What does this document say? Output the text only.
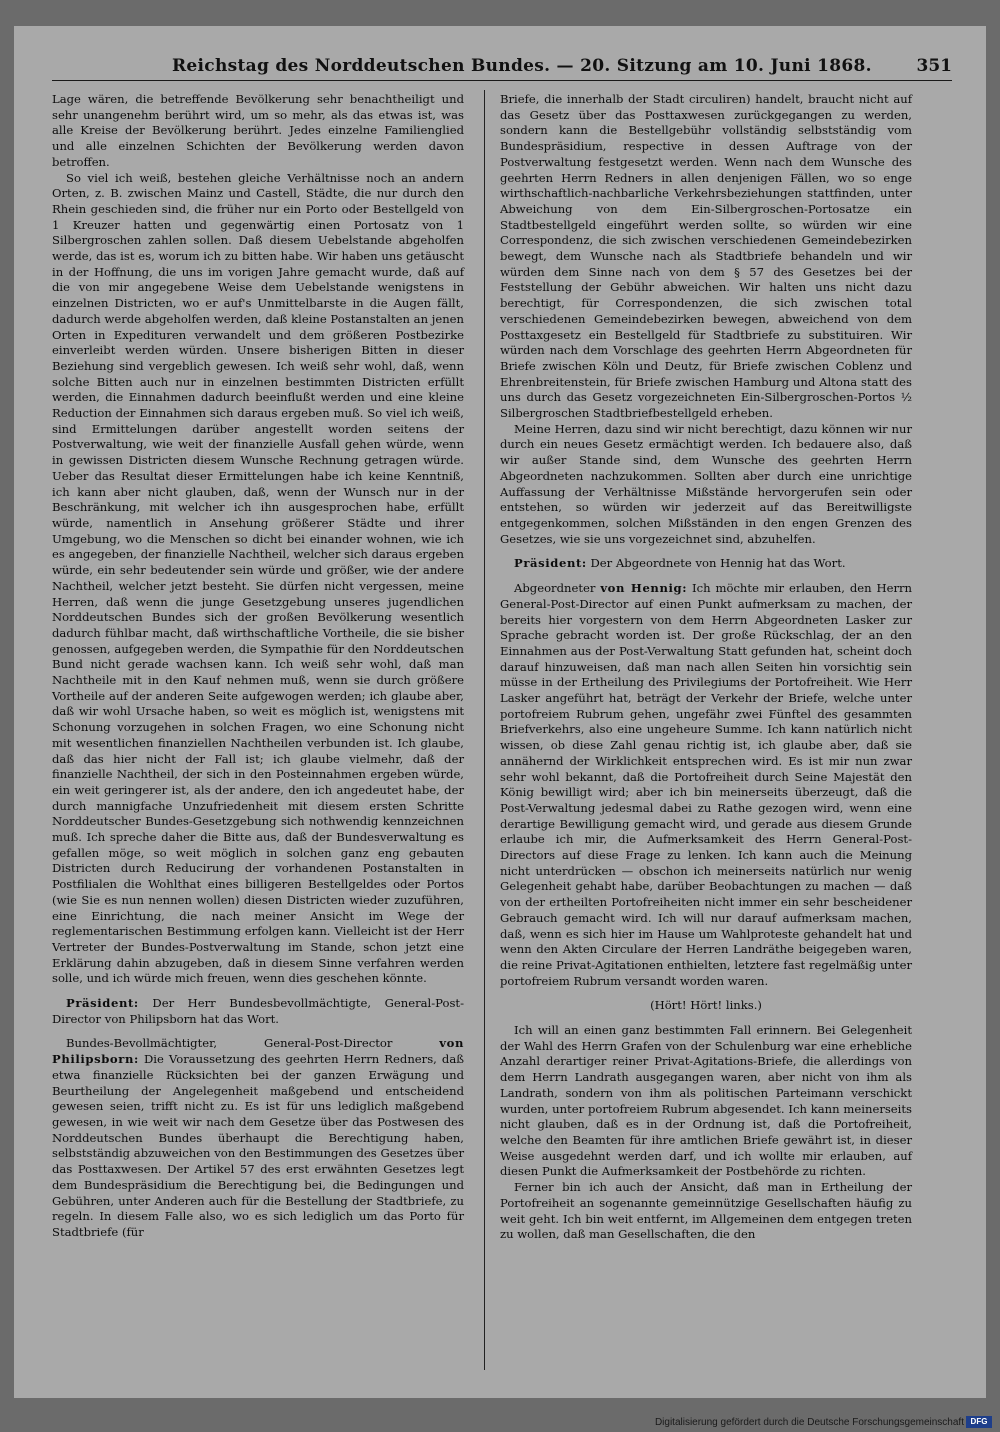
Reichstag des Norddeutschen Bundes. — 20. Sitzung am 10. Juni 1868.	351

Lage wären, die betreffende Bevölkerung sehr benachtheiligt und sehr unangenehm berührt wird, um so mehr, als das etwas ist, was alle Kreise der Bevölkerung berührt. Jedes einzelne Familienglied und alle einzelnen Schichten der Bevölkerung werden davon betroffen.

So viel ich weiß, bestehen gleiche Verhältnisse noch an andern Orten, z. B. zwischen Mainz und Castell, Städte, die nur durch den Rhein geschieden sind, die früher nur ein Porto oder Bestellgeld von 1 Kreuzer hatten und gegenwärtig einen Portosatz von 1 Silbergroschen zahlen sollen. Daß diesem Uebelstande abgeholfen werde, das ist es, worum ich zu bitten habe. Wir haben uns getäuscht in der Hoffnung, die uns im vorigen Jahre gemacht wurde, daß auf die von mir angegebene Weise dem Uebelstande wenigstens in einzelnen Districten, wo er auf's Unmittelbarste in die Augen fällt, dadurch werde abgeholfen werden, daß kleine Postanstalten an jenen Orten in Expedituren verwandelt und dem größeren Postbezirke einverleibt werden würden. Unsere bisherigen Bitten in dieser Beziehung sind vergeblich gewesen. Ich weiß sehr wohl, daß, wenn solche Bitten auch nur in einzelnen bestimmten Districten erfüllt werden, die Einnahmen dadurch beeinflußt werden und eine kleine Reduction der Einnahmen sich daraus ergeben muß. So viel ich weiß, sind Ermittelungen darüber angestellt worden seitens der Postverwaltung, wie weit der finanzielle Ausfall gehen würde, wenn in gewissen Districten diesem Wunsche Rechnung getragen würde. Ueber das Resultat dieser Ermittelungen habe ich keine Kenntniß, ich kann aber nicht glauben, daß, wenn der Wunsch nur in der Beschränkung, mit welcher ich ihn ausgesprochen habe, erfüllt würde, namentlich in Ansehung größerer Städte und ihrer Umgebung, wo die Menschen so dicht bei einander wohnen, wie ich es angegeben, der finanzielle Nachtheil, welcher sich daraus ergeben würde, ein sehr bedeutender sein würde und größer, wie der andere Nachtheil, welcher jetzt besteht. Sie dürfen nicht vergessen, meine Herren, daß wenn die junge Gesetzgebung unseres jugendlichen Norddeutschen Bundes sich der großen Bevölkerung wesentlich dadurch fühlbar macht, daß wirthschaftliche Vortheile, die sie bisher genossen, aufgegeben werden, die Sympathie für den Norddeutschen Bund nicht gerade wachsen kann. Ich weiß sehr wohl, daß man Nachtheile mit in den Kauf nehmen muß, wenn sie durch größere Vortheile auf der anderen Seite aufgewogen werden; ich glaube aber, daß wir wohl Ursache haben, so weit es möglich ist, wenigstens mit Schonung vorzugehen in solchen Fragen, wo eine Schonung nicht mit wesentlichen finanziellen Nachtheilen verbunden ist. Ich glaube, daß das hier nicht der Fall ist; ich glaube vielmehr, daß der finanzielle Nachtheil, der sich in den Posteinnahmen ergeben würde, ein weit geringerer ist, als der andere, den ich angedeutet habe, der durch mannigfache Unzufriedenheit mit diesem ersten Schritte Norddeutscher Bundes-Gesetzgebung sich nothwendig kennzeichnen muß. Ich spreche daher die Bitte aus, daß der Bundesverwaltung es gefallen möge, so weit möglich in solchen ganz eng gebauten Districten durch Reducirung der vorhandenen Postanstalten in Postfilialen die Wohlthat eines billigeren Bestellgeldes oder Portos (wie Sie es nun nennen wollen) diesen Districten wieder zuzuführen, eine Einrichtung, die nach meiner Ansicht im Wege der reglementarischen Bestimmung erfolgen kann. Vielleicht ist der Herr Vertreter der Bundes-Postverwaltung im Stande, schon jetzt eine Erklärung dahin abzugeben, daß in diesem Sinne verfahren werden solle, und ich würde mich freuen, wenn dies geschehen könnte.

Präsident: Der Herr Bundesbevollmächtigte, General-Post-Director von Philipsborn hat das Wort.

Bundes-Bevollmächtigter, General-Post-Director	von Philipsborn: Die Voraussetzung des geehrten Herrn Redners, daß etwa finanzielle Rücksichten bei der ganzen Erwägung und Beurtheilung der Angelegenheit maßgebend und entscheidend gewesen seien, trifft nicht zu. Es ist für uns lediglich maßgebend gewesen, in wie weit wir nach dem Gesetze über das Postwesen des Norddeutschen Bundes überhaupt die Berechtigung haben, selbstständig abzuweichen von den Bestimmungen des Gesetzes über das Posttaxwesen. Der Artikel 57 des erst erwähnten Gesetzes legt dem Bundespräsidium die Berechtigung bei, die Bedingungen und Gebühren, unter Anderen auch für die Bestellung der Stadtbriefe, zu regeln. In diesem Falle also, wo es sich lediglich um das Porto für Stadtbriefe (für

Briefe, die innerhalb der Stadt circuliren) handelt, braucht nicht auf das Gesetz über das Posttaxwesen zurückgegangen zu werden, sondern kann die Bestellgebühr vollständig selbstständig vom Bundespräsidium, respective in dessen Auftrage von der Postverwaltung festgesetzt werden. Wenn nach dem Wunsche des geehrten Herrn Redners in allen denjenigen Fällen, wo so enge wirthschaftlich-nachbarliche Verkehrsbeziehungen stattfinden, unter Abweichung von dem Ein-Silbergroschen-Portosatze ein Stadtbestellgeld eingeführt werden sollte, so würden wir eine Correspondenz, die sich zwischen verschiedenen Gemeindebezirken bewegt, dem Wunsche nach als Stadtbriefe behandeln und wir würden dem Sinne nach von dem § 57 des Gesetzes bei der Feststellung der Gebühr abweichen. Wir halten uns nicht dazu berechtigt, für Correspondenzen, die sich zwischen total verschiedenen Gemeindebezirken bewegen, abweichend von dem Posttaxgesetz ein Bestellgeld für Stadtbriefe zu substituiren. Wir würden nach dem Vorschlage des geehrten Herrn Abgeordneten für Briefe zwischen Köln und Deutz, für Briefe zwischen Coblenz und Ehrenbreitenstein, für Briefe zwischen Hamburg und Altona statt des uns durch das Gesetz vorgezeichneten Ein-Silbergroschen-Portos ½ Silbergroschen Stadtbriefbestellgeld erheben.

Meine Herren, dazu sind wir nicht berechtigt, dazu können wir nur durch ein neues Gesetz ermächtigt werden. Ich bedauere also, daß wir außer Stande sind, dem Wunsche des geehrten Herrn Abgeordneten nachzukommen. Sollten aber durch eine unrichtige Auffassung der Verhältnisse Mißstände hervorgerufen sein oder entstehen, so würden wir jederzeit auf das Bereitwilligste entgegenkommen, solchen Mißständen in den engen Grenzen des Gesetzes, wie sie uns vorgezeichnet sind, abzuhelfen.

Präsident: Der Abgeordnete von Hennig hat das Wort.

Abgeordneter von Hennig: Ich möchte mir erlauben, den Herrn General-Post-Director auf einen Punkt aufmerksam zu machen, der bereits hier vorgestern von dem Herrn Abgeordneten Lasker zur Sprache gebracht worden ist. Der große Rückschlag, der an den Einnahmen aus der Post-Verwaltung Statt gefunden hat, scheint doch darauf hinzuweisen, daß man nach allen Seiten hin vorsichtig sein müsse in der Ertheilung des Privilegiums der Portofreiheit. Wie Herr Lasker angeführt hat, beträgt der Verkehr der Briefe, welche unter portofreiem Rubrum gehen, ungefähr zwei Fünftel des gesammten Briefverkehrs, also eine ungeheure Summe. Ich kann natürlich nicht wissen, ob diese Zahl genau richtig ist, ich glaube aber, daß sie annähernd der Wirklichkeit entsprechen wird. Es ist mir nun zwar sehr wohl bekannt, daß die Portofreiheit durch Seine Majestät den König bewilligt wird; aber ich bin meinerseits überzeugt, daß die Post-Verwaltung jedesmal dabei zu Rathe gezogen wird, wenn eine derartige Bewilligung gemacht wird, und gerade aus diesem Grunde erlaube ich mir, die Aufmerksamkeit des Herrn General-Post-Directors auf diese Frage zu lenken. Ich kann auch die Meinung nicht unterdrücken — obschon ich meinerseits natürlich nur wenig Gelegenheit gehabt habe, darüber Beobachtungen zu machen — daß von der ertheilten Portofreiheiten nicht immer ein sehr bescheidener Gebrauch gemacht wird. Ich will nur darauf aufmerksam machen, daß, wenn es sich hier im Hause um Wahlproteste gehandelt hat und wenn den Akten Circulare der Herren Landräthe beigegeben waren, die reine Privat-Agitationen enthielten, letztere fast regelmäßig unter portofreiem Rubrum versandt worden waren.

(Hört! Hört! links.)

Ich will an einen ganz bestimmten Fall erinnern. Bei Gelegenheit der Wahl des Herrn Grafen von der Schulenburg war eine erhebliche Anzahl derartiger reiner Privat-Agitations-Briefe, die allerdings von dem Herrn Landrath ausgegangen waren, aber nicht von ihm als Landrath, sondern von ihm als politischen Parteimann verschickt wurden, unter portofreiem Rubrum abgesendet. Ich kann meinerseits nicht glauben, daß es in der Ordnung ist, daß die Portofreiheit, welche den Beamten für ihre amtlichen Briefe gewährt ist, in dieser Weise ausgedehnt werden darf, und ich wollte mir erlauben, auf diesen Punkt die Aufmerksamkeit der Postbehörde zu richten.

Ferner bin ich auch der Ansicht, daß man in Ertheilung der Portofreiheit an sogenannte gemeinnützige Gesellschaften häufig zu weit geht. Ich bin weit entfernt, im Allgemeinen dem entgegen treten zu wollen, daß man Gesellschaften, die den

Digitalisierung gefördert durch die Deutsche Forschungsgemeinschaft DFG
